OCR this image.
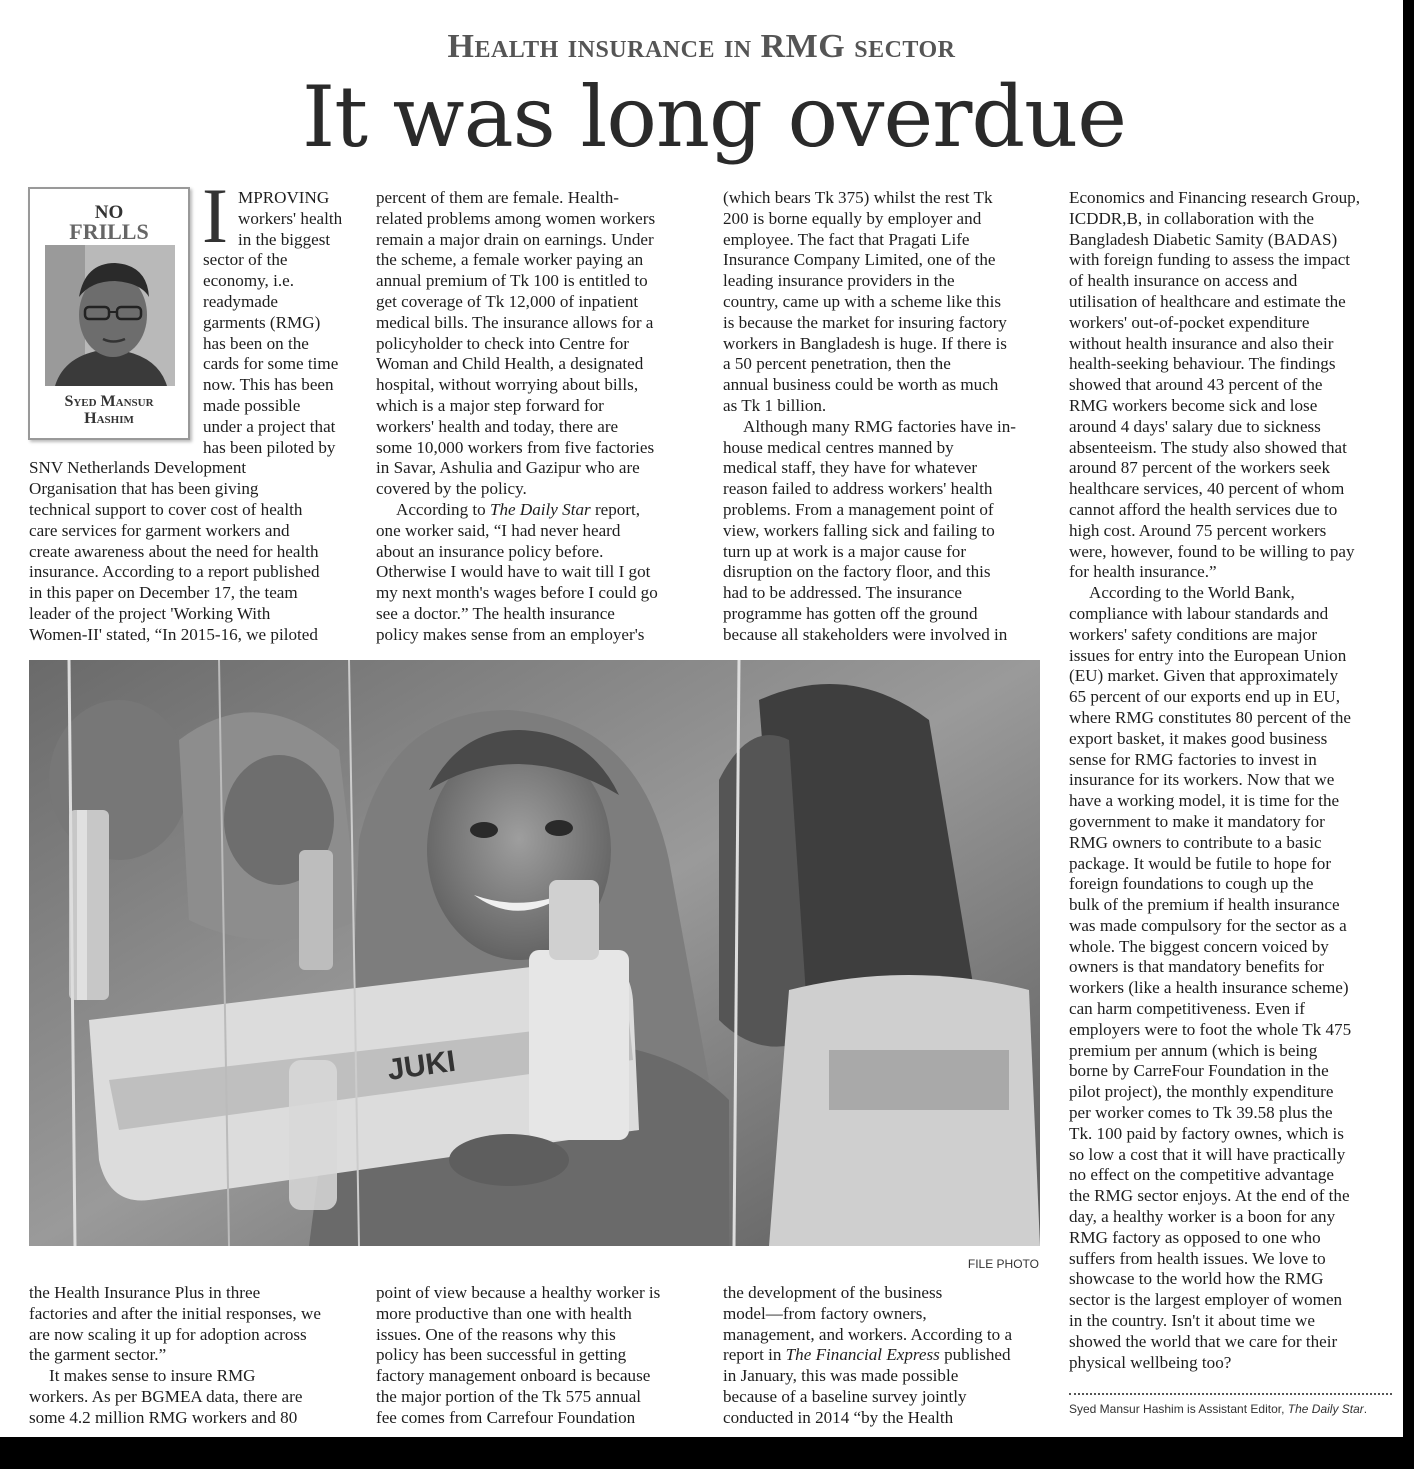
Health insurance in RMG sector
It was long overdue
NO
FRILLS
Syed Mansur
Hashim
I MPROVING
workers' health
in the biggest
sector of the
economy, i.e.
readymade
garments (RMG)
has been on the
cards for some time
now. This has been
made possible
under a project that
has been piloted by
SNV Netherlands Development
Organisation that has been giving
technical support to cover cost of health
care services for garment workers and
create awareness about the need for health
insurance. According to a report published
in this paper on December 17, the team
leader of the project 'Working With
Women-II' stated, “In 2015-16, we piloted
percent of them are female. Health-
related problems among women workers
remain a major drain on earnings. Under
the scheme, a female worker paying an
annual premium of Tk 100 is entitled to
get coverage of Tk 12,000 of inpatient
medical bills. The insurance allows for a
policyholder to check into Centre for
Woman and Child Health, a designated
hospital, without worrying about bills,
which is a major step forward for
workers' health and today, there are
some 10,000 workers from five factories
in Savar, Ashulia and Gazipur who are
covered by the policy.
According to The Daily Star report,
one worker said, “I had never heard
about an insurance policy before.
Otherwise I would have to wait till I got
my next month's wages before I could go
see a doctor.” The health insurance
policy makes sense from an employer's
(which bears Tk 375) whilst the rest Tk
200 is borne equally by employer and
employee. The fact that Pragati Life
Insurance Company Limited, one of the
leading insurance providers in the
country, came up with a scheme like this
is because the market for insuring factory
workers in Bangladesh is huge. If there is
a 50 percent penetration, then the
annual business could be worth as much
as Tk 1 billion.
Although many RMG factories have in-
house medical centres manned by
medical staff, they have for whatever
reason failed to address workers' health
problems. From a management point of
view, workers falling sick and failing to
turn up at work is a major cause for
disruption on the factory floor, and this
had to be addressed. The insurance
programme has gotten off the ground
because all stakeholders were involved in
Economics and Financing research Group,
ICDDR,B, in collaboration with the
Bangladesh Diabetic Samity (BADAS)
with foreign funding to assess the impact
of health insurance on access and
utilisation of healthcare and estimate the
workers' out-of-pocket expenditure
without health insurance and also their
health-seeking behaviour. The findings
showed that around 43 percent of the
RMG workers become sick and lose
around 4 days' salary due to sickness
absenteeism. The study also showed that
around 87 percent of the workers seek
healthcare services, 40 percent of whom
cannot afford the health services due to
high cost. Around 75 percent workers
were, however, found to be willing to pay
for health insurance.”
According to the World Bank,
compliance with labour standards and
workers' safety conditions are major
issues for entry into the European Union
(EU) market. Given that approximately
65 percent of our exports end up in EU,
where RMG constitutes 80 percent of the
export basket, it makes good business
sense for RMG factories to invest in
insurance for its workers. Now that we
have a working model, it is time for the
government to make it mandatory for
RMG owners to contribute to a basic
package. It would be futile to hope for
foreign foundations to cough up the
bulk of the premium if health insurance
was made compulsory for the sector as a
whole. The biggest concern voiced by
owners is that mandatory benefits for
workers (like a health insurance scheme)
can harm competitiveness. Even if
employers were to foot the whole Tk 475
premium per annum (which is being
borne by CarreFour Foundation in the
pilot project), the monthly expenditure
per worker comes to Tk 39.58 plus the
Tk. 100 paid by factory ownes, which is
so low a cost that it will have practically
no effect on the competitive advantage
the RMG sector enjoys. At the end of the
day, a healthy worker is a boon for any
RMG factory as opposed to one who
suffers from health issues. We love to
showcase to the world how the RMG
sector is the largest employer of women
in the country. Isn't it about time we
showed the world that we care for their
physical wellbeing too?
JUKI
FILE PHOTO
the Health Insurance Plus in three
factories and after the initial responses, we
are now scaling it up for adoption across
the garment sector.”
It makes sense to insure RMG
workers. As per BGMEA data, there are
some 4.2 million RMG workers and 80
point of view because a healthy worker is
more productive than one with health
issues. One of the reasons why this
policy has been successful in getting
factory management onboard is because
the major portion of the Tk 575 annual
fee comes from Carrefour Foundation
the development of the business
model—from factory owners,
management, and workers. According to a
report in The Financial Express published
in January, this was made possible
because of a baseline survey jointly
conducted in 2014 “by the Health	Syed Mansur Hashim is Assistant Editor, The Daily Star.
